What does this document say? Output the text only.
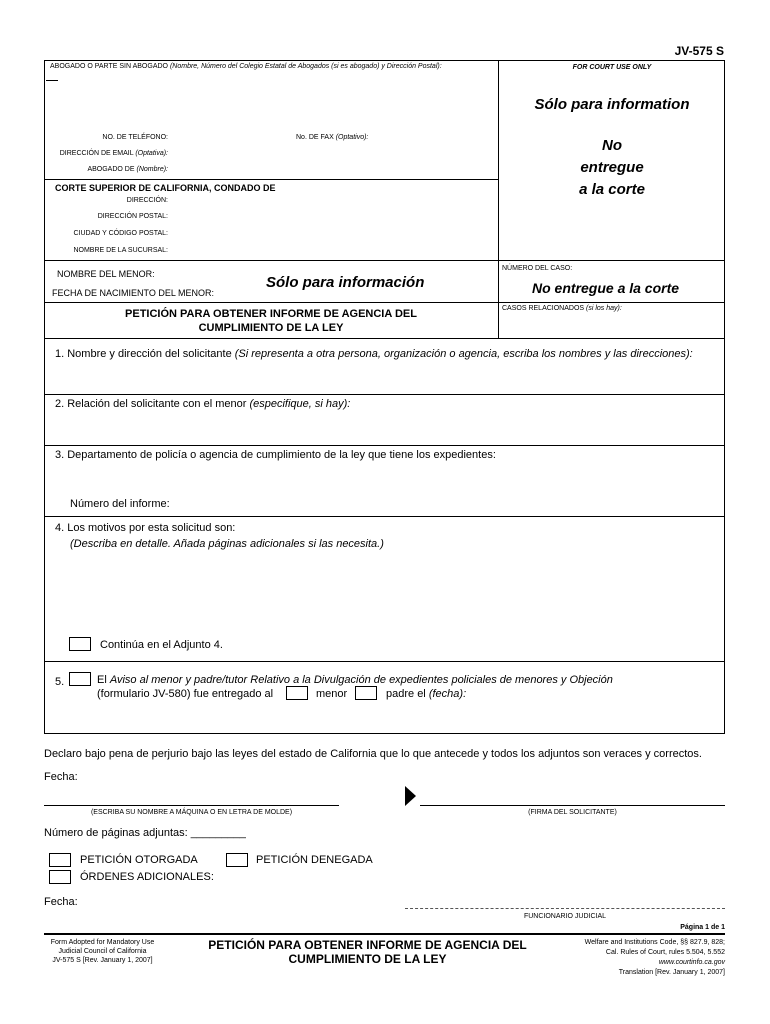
JV-575 S
ABOGADO O PARTE SIN ABOGADO (Nombre, Número del Colegio Estatal de Abogados (si es abogado) y Dirección Postal):
NO. DE TELÉFONO:	No. DE FAX (Optativo):
DIRECCIÓN DE EMAIL (Optativa):
ABOGADO DE (Nombre):
CORTE SUPERIOR DE CALIFORNIA, CONDADO DE
DIRECCIÓN:
DIRECCIÓN POSTAL:
CIUDAD Y CÓDIGO POSTAL:
NOMBRE DE LA SUCURSAL:
FOR COURT USE ONLY
Sólo para information
No
entregue
a la corte
NOMBRE DEL MENOR:
FECHA DE NACIMIENTO DEL MENOR:
Sólo para información
NÚMERO DEL CASO:
No entregue a la corte
CASOS RELACIONADOS (si los hay):
PETICIÓN PARA OBTENER INFORME DE AGENCIA DEL
CUMPLIMIENTO DE LA LEY
1. Nombre y dirección del solicitante (Si representa a otra persona, organización o agencia, escriba los nombres y las direcciones):
2. Relación del solicitante con el menor (especifique, si hay):
3. Departamento de policía o agencia de cumplimiento de la ley que tiene los expedientes:
Número del informe:
4. Los motivos por esta solicitud son:
(Describa en detalle. Añada páginas adicionales si las necesita.)
Continúa en el Adjunto 4.
5.	El Aviso al menor y padre/tutor Relativo a la Divulgación de expedientes policiales de menores y Objeción
(formulario JV-580) fue entregado al	menor	padre el (fecha):
Declaro bajo pena de perjurio bajo las leyes del estado de California que lo que antecede y todos los adjuntos son veraces y correctos.
Fecha:
(ESCRIBA SU NOMBRE A MÁQUINA O EN LETRA DE MOLDE)	(FIRMA DEL SOLICITANTE)
Número de páginas adjuntas: _________
PETICIÓN OTORGADA	PETICIÓN DENEGADA
ÓRDENES ADICIONALES:
Fecha:
FUNCIONARIO JUDICIAL
Página 1 de 1
Form Adopted for Mandatory Use
Judicial Council of California
JV-575 S [Rev. January 1, 2007]
PETICIÓN PARA OBTENER INFORME DE AGENCIA DEL
CUMPLIMIENTO DE LA LEY
Welfare and Institutions Code, §§ 827.9, 828;
Cal. Rules of Court, rules 5.504, 5.552
www.courtinfo.ca.gov
Translation [Rev. January 1, 2007]
